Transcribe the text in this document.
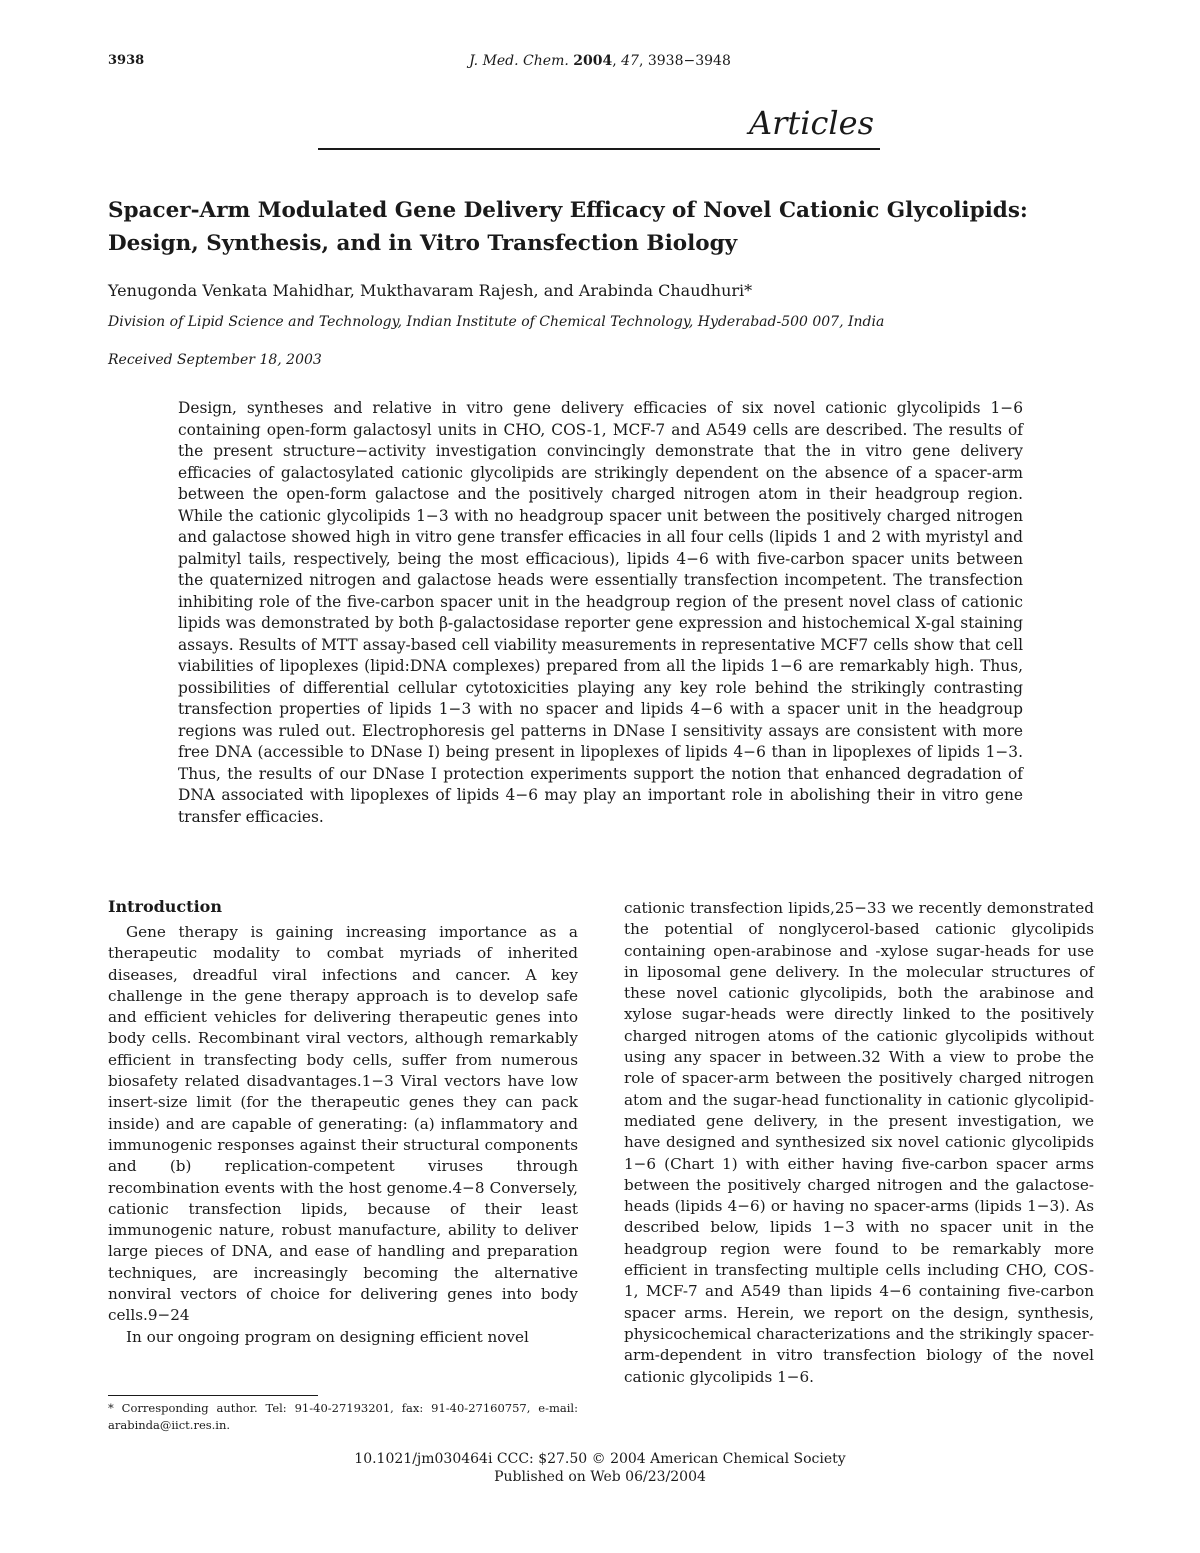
3938	J. Med. Chem. 2004, 47, 3938−3948
Articles
Spacer-Arm Modulated Gene Delivery Efficacy of Novel Cationic Glycolipids:
Design, Synthesis, and in Vitro Transfection Biology
Yenugonda Venkata Mahidhar, Mukthavaram Rajesh, and Arabinda Chaudhuri*
Division of Lipid Science and Technology, Indian Institute of Chemical Technology, Hyderabad-500 007, India
Received September 18, 2003

Design, syntheses and relative in vitro gene delivery efficacies of six novel cationic glycolipids 1−6 containing open-form galactosyl units in CHO, COS-1, MCF-7 and A549 cells are described. The results of the present structure−activity investigation convincingly demonstrate that the in vitro gene delivery efficacies of galactosylated cationic glycolipids are strikingly dependent on the absence of a spacer-arm between the open-form galactose and the positively charged nitrogen atom in their headgroup region. While the cationic glycolipids 1−3 with no headgroup spacer unit between the positively charged nitrogen and galactose showed high in vitro gene transfer efficacies in all four cells (lipids 1 and 2 with myristyl and palmityl tails, respectively, being the most efficacious), lipids 4−6 with five-carbon spacer units between the quaternized nitrogen and galactose heads were essentially transfection incompetent. The transfection inhibiting role of the five-carbon spacer unit in the headgroup region of the present novel class of cationic lipids was demonstrated by both β-galactosidase reporter gene expression and histochemical X-gal staining assays. Results of MTT assay-based cell viability measurements in representative MCF7 cells show that cell viabilities of lipoplexes (lipid:DNA complexes) prepared from all the lipids 1−6 are remarkably high. Thus, possibilities of differential cellular cytotoxicities playing any key role behind the strikingly contrasting transfection properties of lipids 1−3 with no spacer and lipids 4−6 with a spacer unit in the headgroup regions was ruled out. Electrophoresis gel patterns in DNase I sensitivity assays are consistent with more free DNA (accessible to DNase I) being present in lipoplexes of lipids 4−6 than in lipoplexes of lipids 1−3. Thus, the results of our DNase I protection experiments support the notion that enhanced degradation of DNA associated with lipoplexes of lipids 4−6 may play an important role in abolishing their in vitro gene transfer efficacies.

Introduction

Gene therapy is gaining increasing importance as a therapeutic modality to combat myriads of inherited diseases, dreadful viral infections and cancer. A key challenge in the gene therapy approach is to develop safe and efficient vehicles for delivering therapeutic genes into body cells. Recombinant viral vectors, although remarkably efficient in transfecting body cells, suffer from numerous biosafety related disadvantages.1−3 Viral vectors have low insert-size limit (for the therapeutic genes they can pack inside) and are capable of generating: (a) inflammatory and immunogenic responses against their structural components and (b) replication-competent viruses through recombination events with the host genome.4−8 Conversely, cationic transfection lipids, because of their least immunogenic nature, robust manufacture, ability to deliver large pieces of DNA, and ease of handling and preparation techniques, are increasingly becoming the alternative nonviral vectors of choice for delivering genes into body cells.9−24

In our ongoing program on designing efficient novel

cationic transfection lipids,25−33 we recently demonstrated the potential of nonglycerol-based cationic glycolipids containing open-arabinose and -xylose sugar-heads for use in liposomal gene delivery. In the molecular structures of these novel cationic glycolipids, both the arabinose and xylose sugar-heads were directly linked to the positively charged nitrogen atoms of the cationic glycolipids without using any spacer in between.32 With a view to probe the role of spacer-arm between the positively charged nitrogen atom and the sugar-head functionality in cationic glycolipid-mediated gene delivery, in the present investigation, we have designed and synthesized six novel cationic glycolipids 1−6 (Chart 1) with either having five-carbon spacer arms between the positively charged nitrogen and the galactose-heads (lipids 4−6) or having no spacer-arms (lipids 1−3). As described below, lipids 1−3 with no spacer unit in the headgroup region were found to be remarkably more efficient in transfecting multiple cells including CHO, COS-1, MCF-7 and A549 than lipids 4−6 containing five-carbon spacer arms. Herein, we report on the design, synthesis, physicochemical characterizations and the strikingly spacer-arm-dependent in vitro transfection biology of the novel cationic glycolipids 1−6.

* Corresponding author. Tel: 91-40-27193201, fax: 91-40-27160757, e-mail: arabinda@iict.res.in.

10.1021/jm030464i CCC: $27.50 © 2004 American Chemical Society
Published on Web 06/23/2004
